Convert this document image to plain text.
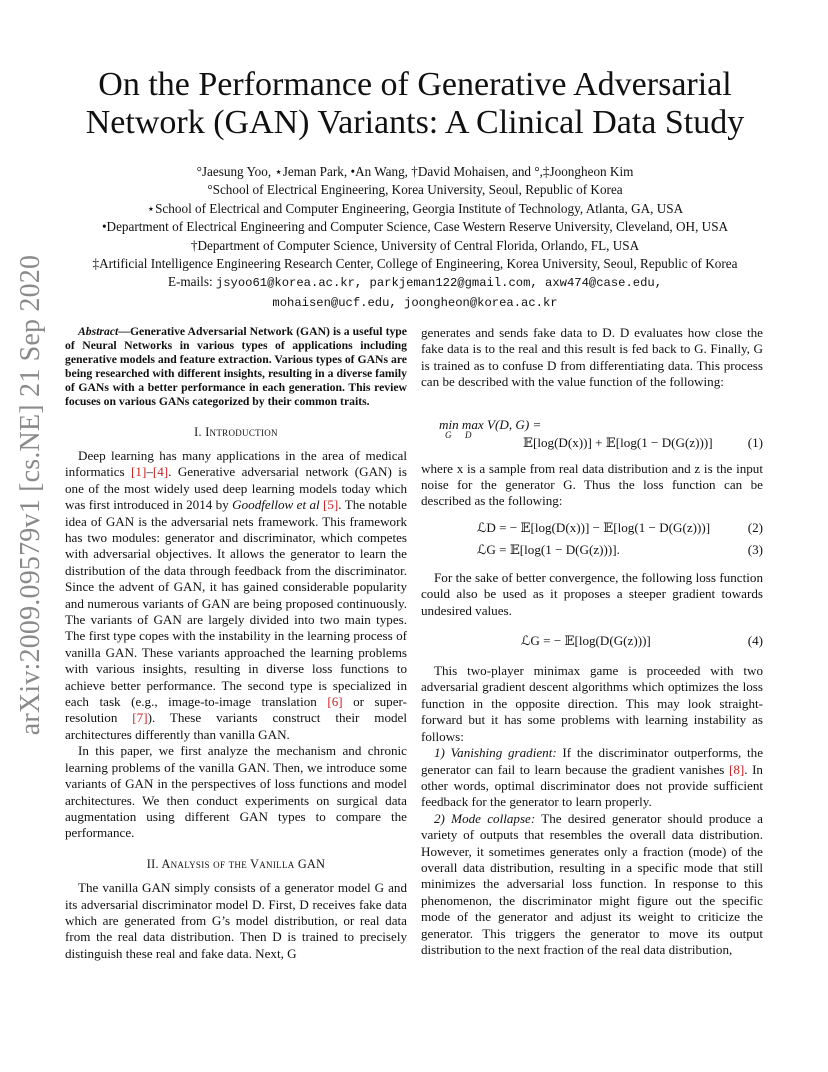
arXiv:2009.09579v1 [cs.NE] 21 Sep 2020
On the Performance of Generative Adversarial Network (GAN) Variants: A Clinical Data Study
°Jaesung Yoo, ⋆Jeman Park, •An Wang, †David Mohaisen, and °,‡Joongheon Kim
°School of Electrical Engineering, Korea University, Seoul, Republic of Korea
⋆School of Electrical and Computer Engineering, Georgia Institute of Technology, Atlanta, GA, USA
•Department of Electrical Engineering and Computer Science, Case Western Reserve University, Cleveland, OH, USA
†Department of Computer Science, University of Central Florida, Orlando, FL, USA
‡Artificial Intelligence Engineering Research Center, College of Engineering, Korea University, Seoul, Republic of Korea
E-mails: jsyoo61@korea.ac.kr, parkjeman122@gmail.com, axw474@case.edu,
mohaisen@ucf.edu, joongheon@korea.ac.kr

Abstract—Generative Adversarial Network (GAN) is a useful type of Neural Networks in various types of applications including generative models and feature extraction. Various types of GANs are being researched with different insights, resulting in a diverse family of GANs with a better performance in each generation. This review focuses on various GANs categorized by their common traits.

I. Introduction

Deep learning has many applications in the area of medical informatics [1]–[4]. Generative adversarial network (GAN) is one of the most widely used deep learning models today which was first introduced in 2014 by Goodfellow et al [5]. The notable idea of GAN is the adversarial nets framework. This framework has two modules: generator and discriminator, which competes with adversarial objectives. It allows the generator to learn the distribution of the data through feedback from the discriminator. Since the advent of GAN, it has gained considerable popularity and numerous variants of GAN are being proposed continuously. The variants of GAN are largely divided into two main types. The first type copes with the instability in the learning process of vanilla GAN. These variants approached the learning problems with various insights, resulting in diverse loss functions to achieve better performance. The second type is specialized in each task (e.g., image-to-image translation [6] or super-resolution [7]). These variants construct their model architectures differently than vanilla GAN.

In this paper, we first analyze the mechanism and chronic learning problems of the vanilla GAN. Then, we introduce some variants of GAN in the perspectives of loss functions and model architectures. We then conduct experiments on surgical data augmentation using different GAN types to compare the performance.

II. Analysis of the Vanilla GAN

The vanilla GAN simply consists of a generator model G and its adversarial discriminator model D. First, D receives fake data which are generated from G’s model distribution, or real data from the real data distribution. Then D is trained to precisely distinguish these real and fake data. Next, G

generates and sends fake data to D. D evaluates how close the fake data is to the real and this result is fed back to G. Finally, G is trained as to confuse D from differentiating data. This process can be described with the value function of the following:

min max V(D, G) =
G      D	𝔼[log(D(x))] + 𝔼[log(1 − D(G(z)))]	(1)

where x is a sample from real data distribution and z is the input noise for the generator G. Thus the loss function can be described as the following:

ℒD = − 𝔼[log(D(x))] − 𝔼[log(1 − D(G(z)))]	(2)
ℒG = 𝔼[log(1 − D(G(z)))].	(3)

For the sake of better convergence, the following loss function could also be used as it proposes a steeper gradient towards undesired values.

ℒG = − 𝔼[log(D(G(z)))]	(4)

This two-player minimax game is proceeded with two adversarial gradient descent algorithms which optimizes the loss function in the opposite direction. This may look straight-forward but it has some problems with learning instability as follows:

1) Vanishing gradient: If the discriminator outperforms, the generator can fail to learn because the gradient vanishes [8]. In other words, optimal discriminator does not provide sufficient feedback for the generator to learn properly.

2) Mode collapse: The desired generator should produce a variety of outputs that resembles the overall data distribution. However, it sometimes generates only a fraction (mode) of the overall data distribution, resulting in a specific mode that still minimizes the adversarial loss function. In response to this phenomenon, the discriminator might figure out the specific mode of the generator and adjust its weight to criticize the generator. This triggers the generator to move its output distribution to the next fraction of the real data distribution,
